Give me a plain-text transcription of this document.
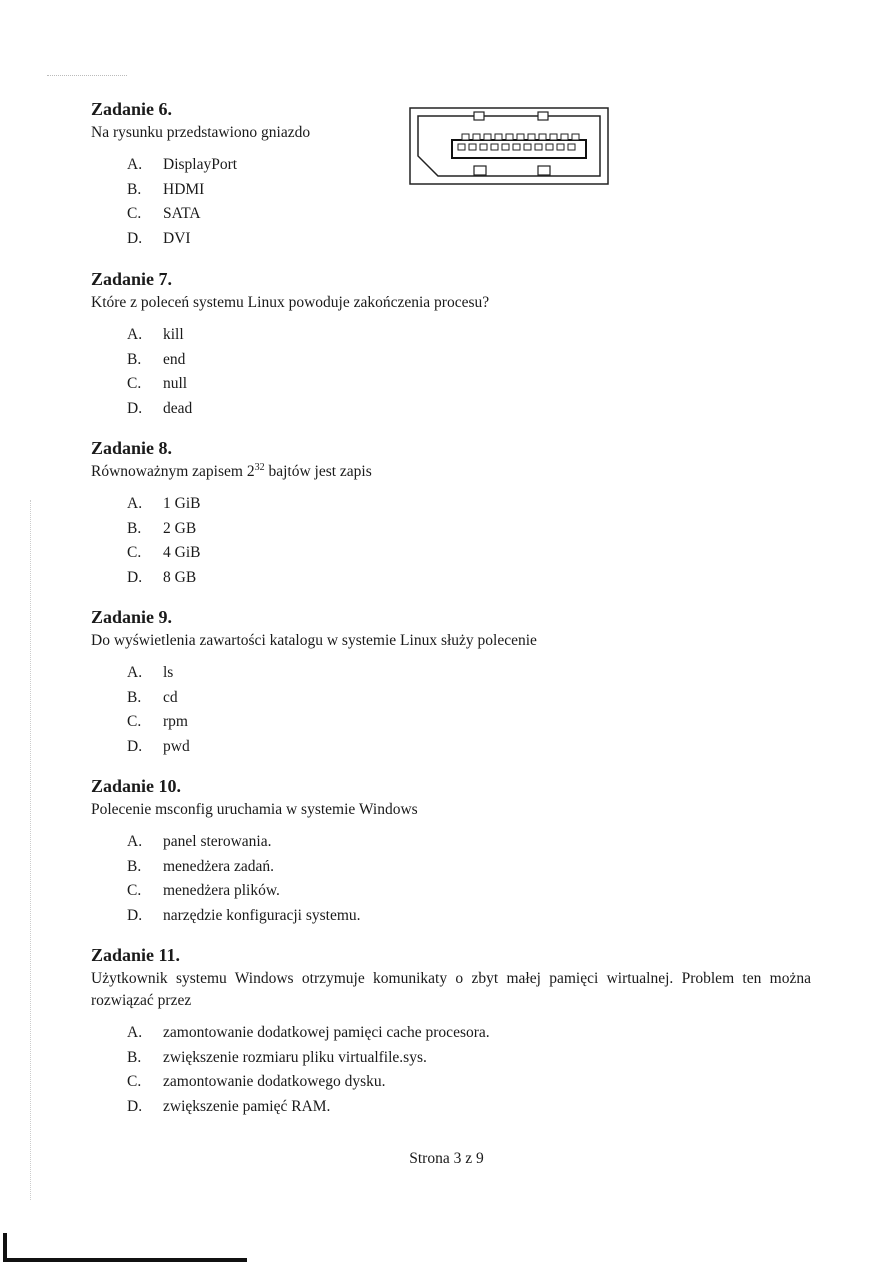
Zadanie 6.
Na rysunku przedstawiono gniazdo
A.	DisplayPort
B.	HDMI
C.	SATA
D.	DVI
Zadanie 7.
Które z poleceń systemu Linux powoduje zakończenia procesu?
A.	kill
B.	end
C.	null
D.	dead
Zadanie 8.
Równoważnym zapisem $2^{32}$ bajtów jest zapis
A.	1 GiB
B.	2 GB
C.	4 GiB
D.	8 GB
Zadanie 9.
Do wyświetlenia zawartości katalogu w systemie Linux służy polecenie
A.	ls
B.	cd
C.	rpm
D.	pwd
Zadanie 10.
Polecenie msconfig uruchamia w systemie Windows
A.	panel sterowania.
B.	menedżera zadań.
C.	menedżera plików.
D.	narzędzie konfiguracji systemu.
Zadanie 11.
Użytkownik systemu Windows otrzymuje komunikaty o zbyt małej pamięci wirtualnej. Problem ten można rozwiązać przez
A.	zamontowanie dodatkowej pamięci cache procesora.
B.	zwiększenie rozmiaru pliku virtualfile.sys.
C.	zamontowanie dodatkowego dysku.
D.	zwiększenie pamięć RAM.
Strona 3 z 9
